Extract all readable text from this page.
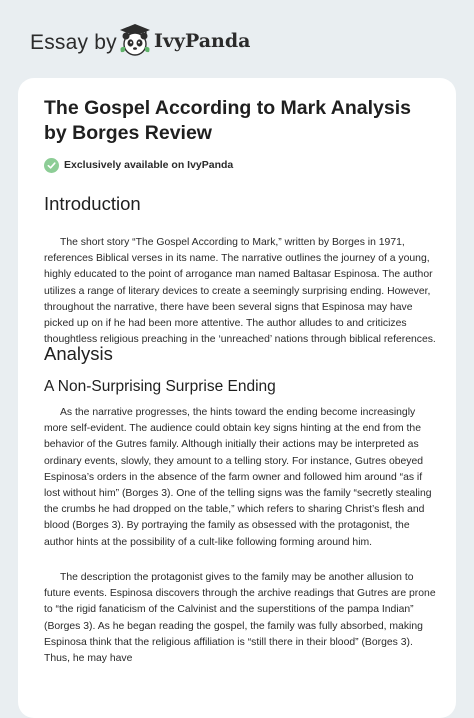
Essay by IvyPanda
The Gospel According to Mark Analysis by Borges Review
Exclusively available on IvyPanda
Introduction

The short story “The Gospel According to Mark,” written by Borges in 1971, references Biblical verses in its name. The narrative outlines the journey of a young, highly educated to the point of arrogance man named Baltasar Espinosa. The author utilizes a range of literary devices to create a seemingly surprising ending. However, throughout the narrative, there have been several signs that Espinosa may have picked up on if he had been more attentive. The author alludes to and criticizes thoughtless religious preaching in the ‘unreached’ nations through biblical references.

Analysis
A Non-Surprising Surprise Ending

As the narrative progresses, the hints toward the ending become increasingly more self-evident. The audience could obtain key signs hinting at the end from the behavior of the Gutres family. Although initially their actions may be interpreted as ordinary events, slowly, they amount to a telling story. For instance, Gutres obeyed Espinosa’s orders in the absence of the farm owner and followed him around “as if lost without him” (Borges 3). One of the telling signs was the family “secretly stealing the crumbs he had dropped on the table,” which refers to sharing Christ’s flesh and blood (Borges 3). By portraying the family as obsessed with the protagonist, the author hints at the possibility of a cult-like following forming around him.

The description the protagonist gives to the family may be another allusion to future events. Espinosa discovers through the archive readings that Gutres are prone to “the rigid fanaticism of the Calvinist and the superstitions of the pampa Indian” (Borges 3). As he began reading the gospel, the family was fully absorbed, making Espinosa think that the religious affiliation is “still there in their blood” (Borges 3). Thus, he may have
